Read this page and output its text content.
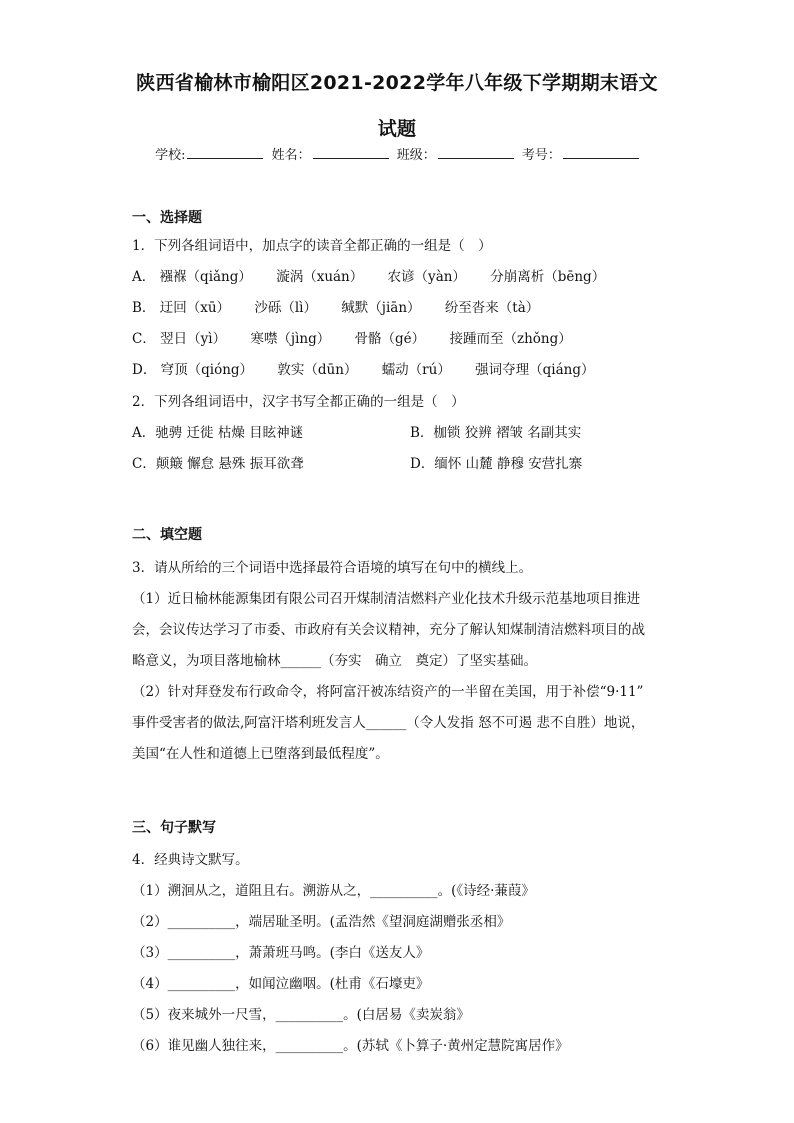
陕西省榆林市榆阳区2021-2022学年八年级下学期期末语文
试题
学校:	姓名：	班级：	考号：
一、选择题
1．下列各组词语中，加点字的读音全都正确的一组是（　）
A． 襁褓（qiǎng） 漩涡（xuán） 农谚（yàn） 分崩离析（bēng）
B． 迂回（xū） 沙砾（lì） 缄默（jiān） 纷至沓来（tà）
C． 翌日（yì） 寒噤（jìng） 骨骼（gé） 接踵而至（zhǒng）
D． 穹顶（qióng） 敦实（dūn） 蠕动（rú） 强词夺理（qiáng）
2．下列各组词语中，汉字书写全都正确的一组是（　）
A．驰骋 迁徙 枯燥 目眩神谜	B．枷锁 狡辨 褶皱 名副其实
C．颠簸 懈怠 悬殊 振耳欲聋	D．缅怀 山麓 静穆 安营扎寨
二、填空题
3．请从所给的三个词语中选择最符合语境的填写在句中的横线上。
（1）近日榆林能源集团有限公司召开煤制清洁燃料产业化技术升级示范基地项目推进
会，会议传达学习了市委、市政府有关会议精神，充分了解认知煤制清洁燃料项目的战
略意义，为项目落地榆林______（夯实　确立　奠定）了坚实基础。
（2）针对拜登发布行政命令，将阿富汗被冻结资产的一半留在美国，用于补偿“9·11”
事件受害者的做法,阿富汗塔利班发言人______（令人发指 怒不可遏 悲不自胜）地说，
美国“在人性和道德上已堕落到最低程度”。
三、句子默写
4．经典诗文默写。
（1）溯洄从之，道阻且右。溯游从之，__________。(《诗经·蒹葭》
（2）__________，端居耻圣明。(孟浩然《望洞庭湖赠张丞相》
（3）__________，萧萧班马鸣。(李白《送友人》
（4）__________，如闻泣幽咽。(杜甫《石壕吏》
（5）夜来城外一尺雪，__________。(白居易《卖炭翁》
（6）谁见幽人独往来，__________。(苏轼《卜算子·黄州定慧院寓居作》
